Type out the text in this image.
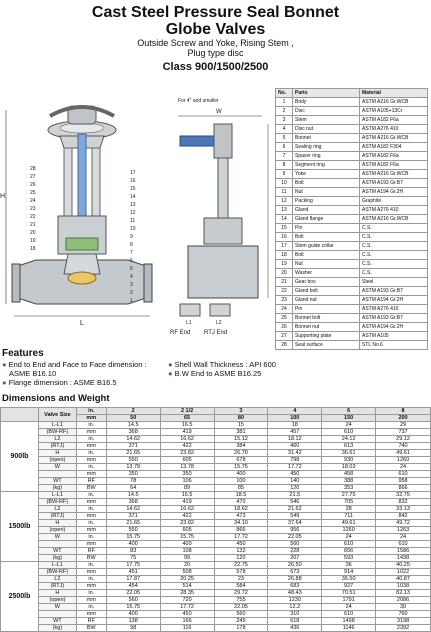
Cast Steel Pressure Seal Bonnet
Globe Valves
Outside Screw and Yoke, Rising Stem ,
Plug type disc
Class 900/1500/2500
L
H
28
27
26
25
24
23
22
21
20
19
18
17
16
15
14
13
12
11
10
9
8
7
6
5
4
3
2
1
For 4" and smaller
W
L1	L2
RF End RTJ End
No.	Parts	Material
1	Body	ASTM A216 Gr.WCB
2	Disc	ASTM A105+13Cr
3	Stem	ASTM A182 F6a
4	Disc nut	ASTM A276 410
5	Bonnet	ASTM A216 Gr.WCB
6	Sealing ring	ASTM A182 F304
7	Spacer ring	ASTM A182 F6a
8	Segment ring	ASTM A182 F6a
9	Yoke	ASTM A216 Gr.WCB
10	Bolt	ASTM A193 Gr.B7
11	Nut	ASTM A194 Gr.2H
12	Packing	Graphite
13	Gland	ASTM A276 410
14	Gland flange	ASTM A216 Gr.WCB
15	Pin	C.S.
16	Bolt	C.S.
17	Stem guide collar	C.S.
18	Bolt	C.S.
19	Nut	C.S.
20	Washer	C.S.
21	Gear box	Steel
22	Gland bolt	ASTM A193 Gr.B7
23	Gland nut	ASTM A194 Gr.2H
24	Pin	ASTM A276 410
25	Bonnet bolt	ASTM A193 Gr.B7
26	Bonnet nut	ASTM A194 Gr.2H
27	Supporting plate	ASTM A105
28	Seal surface	STL No.6
Features
● End to End and Face to Face dimension :
ASME B16.10
● Flange dimension : ASME B16.5
● Shell Wall Thickness : API 600
● B.W End to ASME B16.25
Dimensions and Weight
	Valve Size	in.	2	2 1/2	3	4	6	8
		mm	50	65	80	100	150	200
900lb	L-L1	in.	14.5	16.5	15	18	24	29
	(BW-RF)	mm	368	419	381	457	610	737
	L2	in.	14.62	16.62	15.12	18.12	24.12	29.12
	(RTJ)	mm	371	422	384	460	613	740
	H	in.	21.65	23.82	26.70	31.42	36.61	49.61
	(open)	mm	550	605	678	798	930	1260
	W	in.	13.78	13.78	15.75	17.72	18.03	24
		mm	350	350	400	450	458	610
	WT	RF	78	106	100	140	388	958
	(kg)	BW	64	89	85	120	353	866
1500lb	L-L1	in.	14.5	16.5	18.5	21.5	27.75	32.75
	(BW-RF)	mm	368	419	470	546	705	832
	L2	in.	14.62	16.62	18.62	21.62	28	33.13
	(RTJ)	mm	371	422	473	549	711	842
	H	in.	21.65	23.82	34.10	37.64	49.61	49.72
	(open)	mm	550	605	866	956	1260	1263
	W	in.	15.75	15.75	17.72	22.05	24	24
		mm	400	400	450	560	610	610
	WT	RF	83	108	132	228	656	1586
	(kg)	BW	75	99	120	207	593	1438
2500lb	L-L1	in.	17.75	20	22.75	26.50	36	40.25
	(BW-RF)	mm	451	508	578	673	914	1022
	L2	in.	17.87	20.25	23	26.88	36.50	40.87
	(RTJ)	mm	454	514	584	683	927	1038
	H	in.	22.05	28.35	29.72	48.43	70.51	82.13
	(open)	mm	560	720	755	1230	1791	2086
	W	in.	15.75	17.72	22.05	12.2	24	30
		mm	400	450	560	310	610	760
	WT	RF	138	166	245	618	1498	3198
	(kg)	BW	98	116	178	436	1146	2392
